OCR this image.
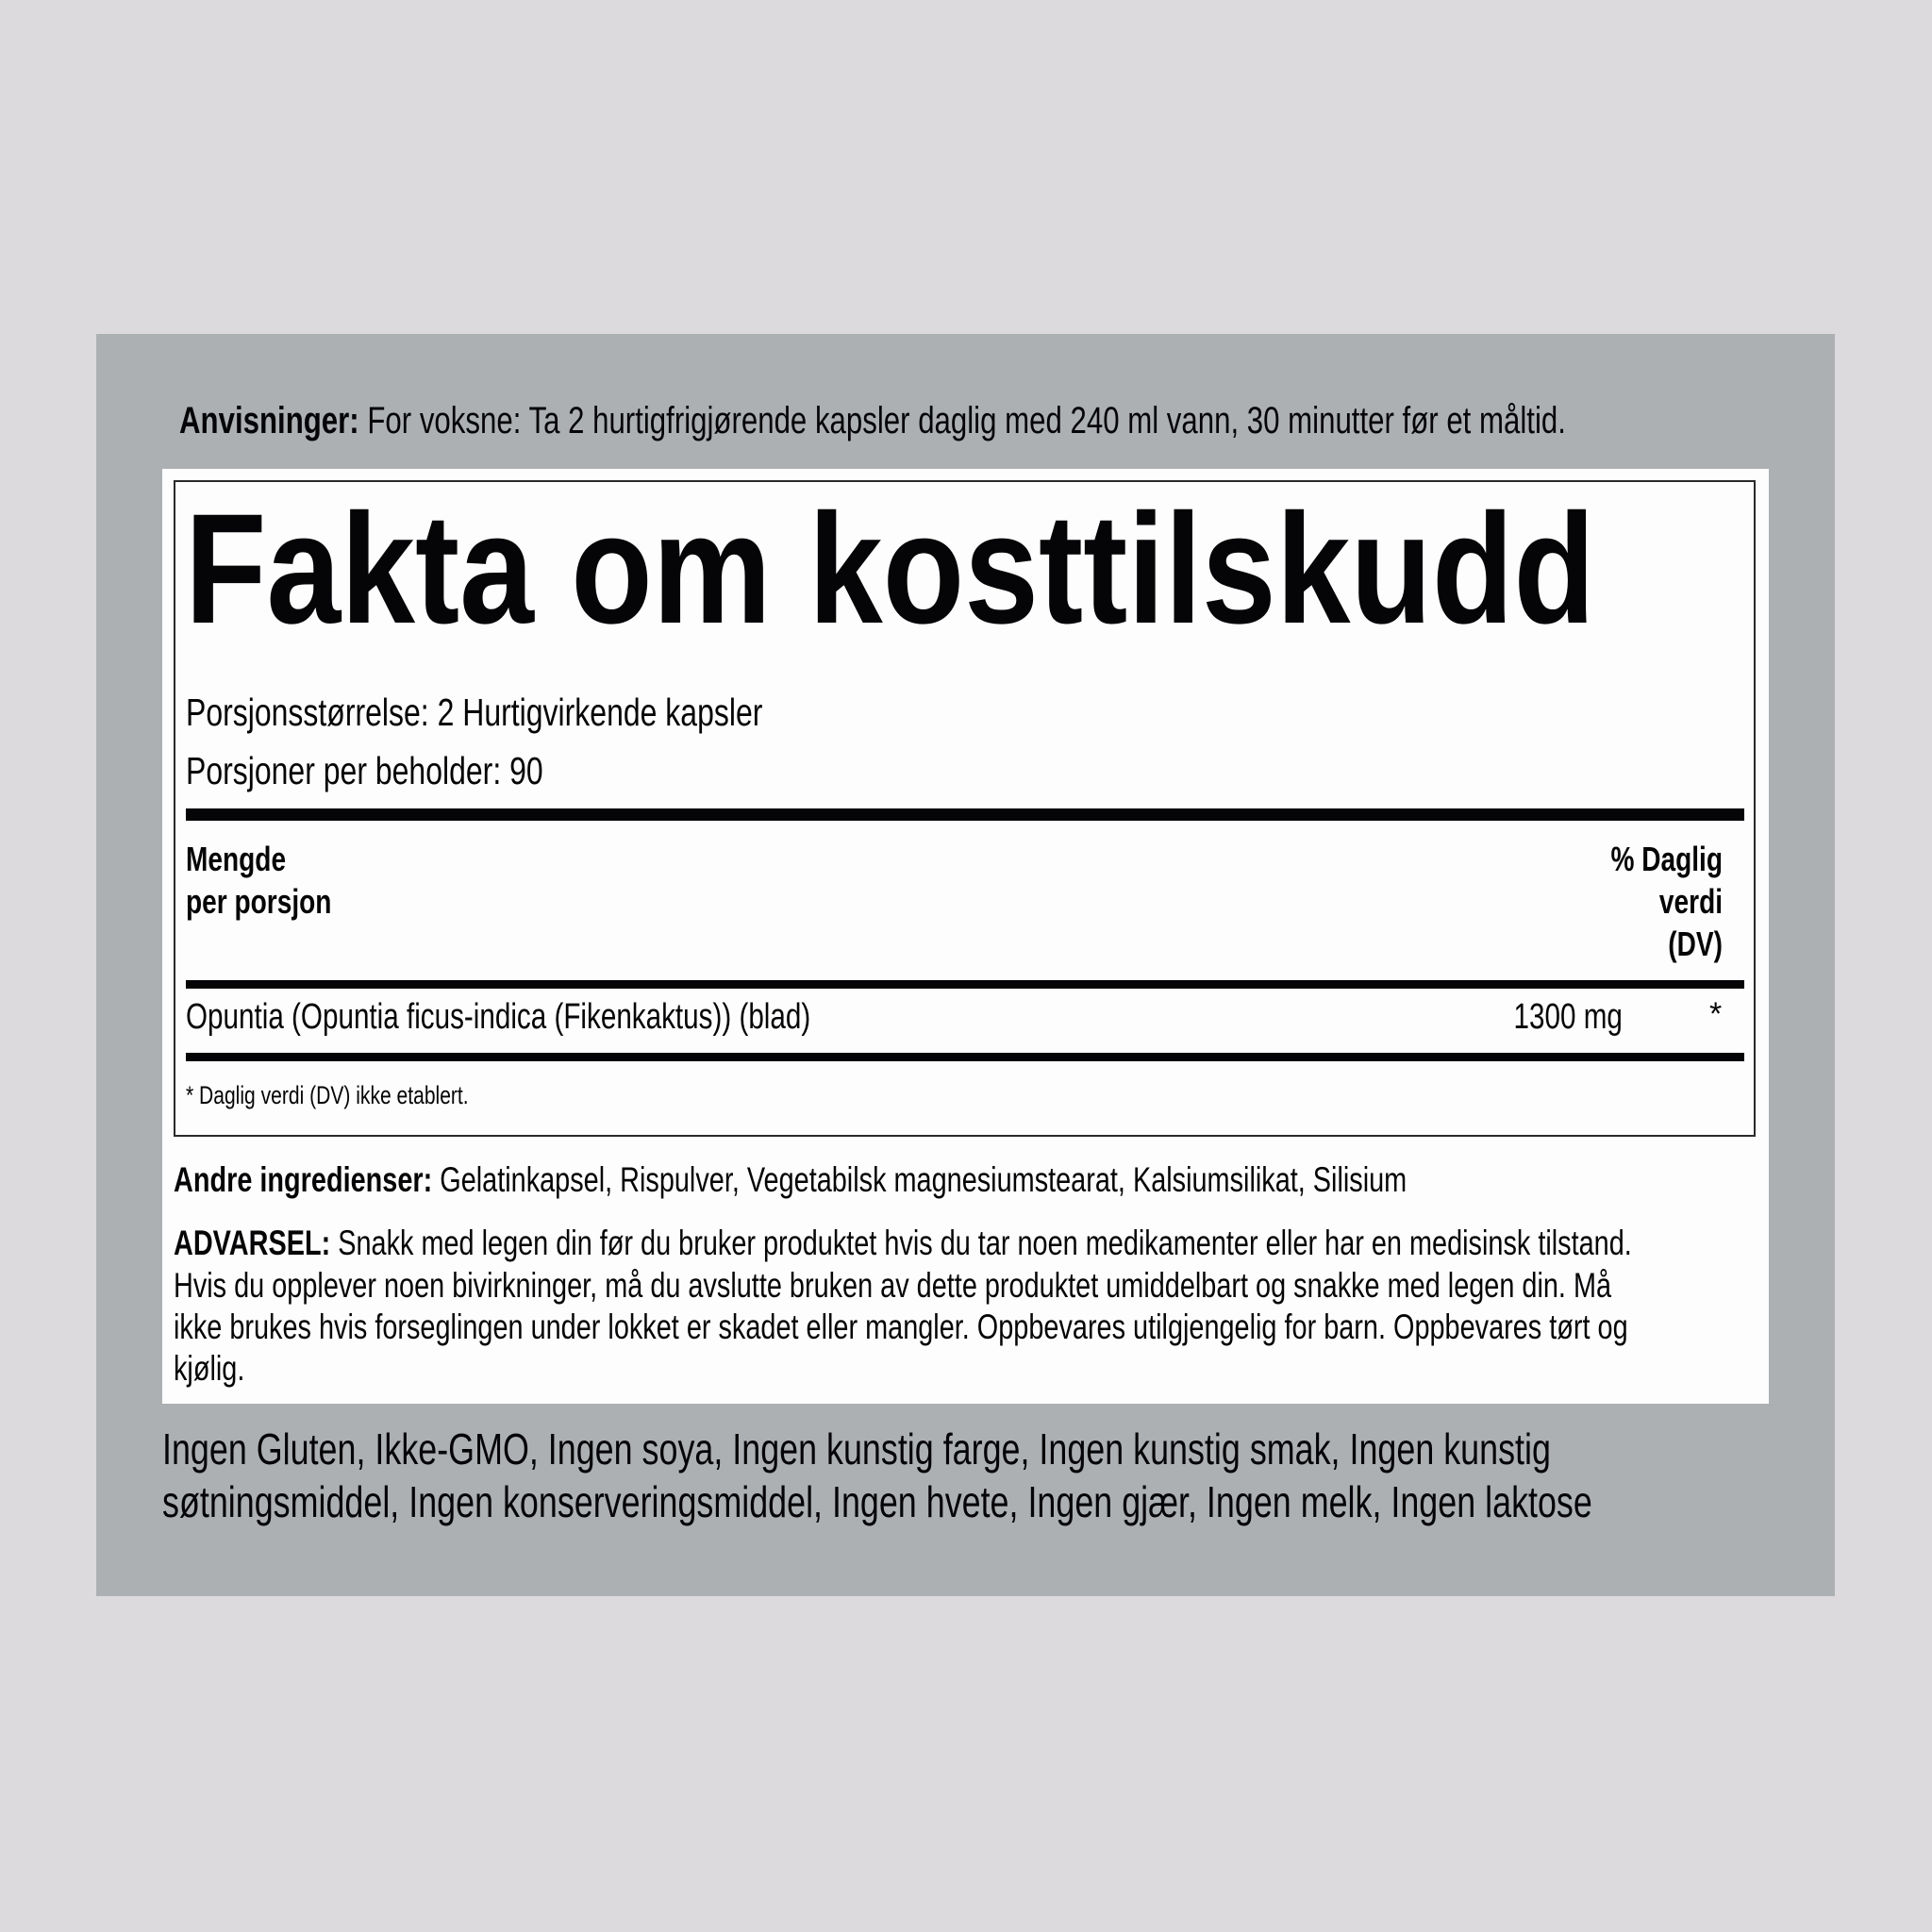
Anvisninger: For voksne: Ta 2 hurtigfrigjørende kapsler daglig med 240 ml vann, 30 minutter før et måltid.
Fakta om kosttilskudd
Porsjonsstørrelse: 2 Hurtigvirkende kapsler
Porsjoner per beholder: 90
Mengde
per porsjon
% Daglig
verdi
(DV)
Opuntia (Opuntia ficus-indica (Fikenkaktus)) (blad)	1300 mg	*
* Daglig verdi (DV) ikke etablert.
Andre ingredienser: Gelatinkapsel, Rispulver, Vegetabilsk magnesiumstearat, Kalsiumsilikat, Silisium
ADVARSEL: Snakk med legen din før du bruker produktet hvis du tar noen medikamenter eller har en medisinsk tilstand.
Hvis du opplever noen bivirkninger, må du avslutte bruken av dette produktet umiddelbart og snakke med legen din. Må
ikke brukes hvis forseglingen under lokket er skadet eller mangler. Oppbevares utilgjengelig for barn. Oppbevares tørt og
kjølig.
Ingen Gluten, Ikke-GMO, Ingen soya, Ingen kunstig farge, Ingen kunstig smak, Ingen kunstig
søtningsmiddel, Ingen konserveringsmiddel, Ingen hvete, Ingen gjær, Ingen melk, Ingen laktose
